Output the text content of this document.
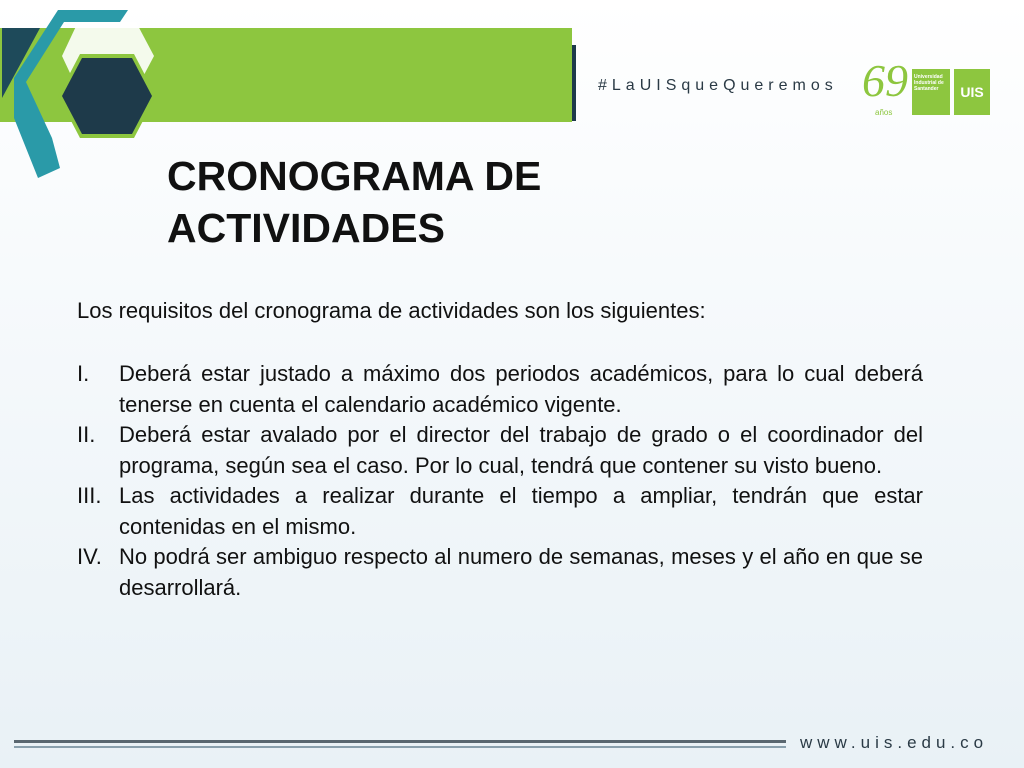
#LaUISqueQueremos 69
años
Universidad Industrial de Santander	UIS
CRONOGRAMA DE
ACTIVIDADES

Los requisitos del cronograma de actividades son los siguientes:

I.	Deberá estar justado a máximo dos periodos académicos, para lo cual deberá tenerse en cuenta el calendario académico vigente.
II.	Deberá estar avalado por el director del trabajo de grado o el coordinador del programa, según sea el caso. Por lo cual, tendrá que contener su visto bueno.
III. Las actividades a realizar durante el tiempo a ampliar, tendrán que estar contenidas en el mismo.
IV. No podrá ser ambiguo respecto al numero de semanas, meses y el año en que se desarrollará.
www.uis.edu.co
